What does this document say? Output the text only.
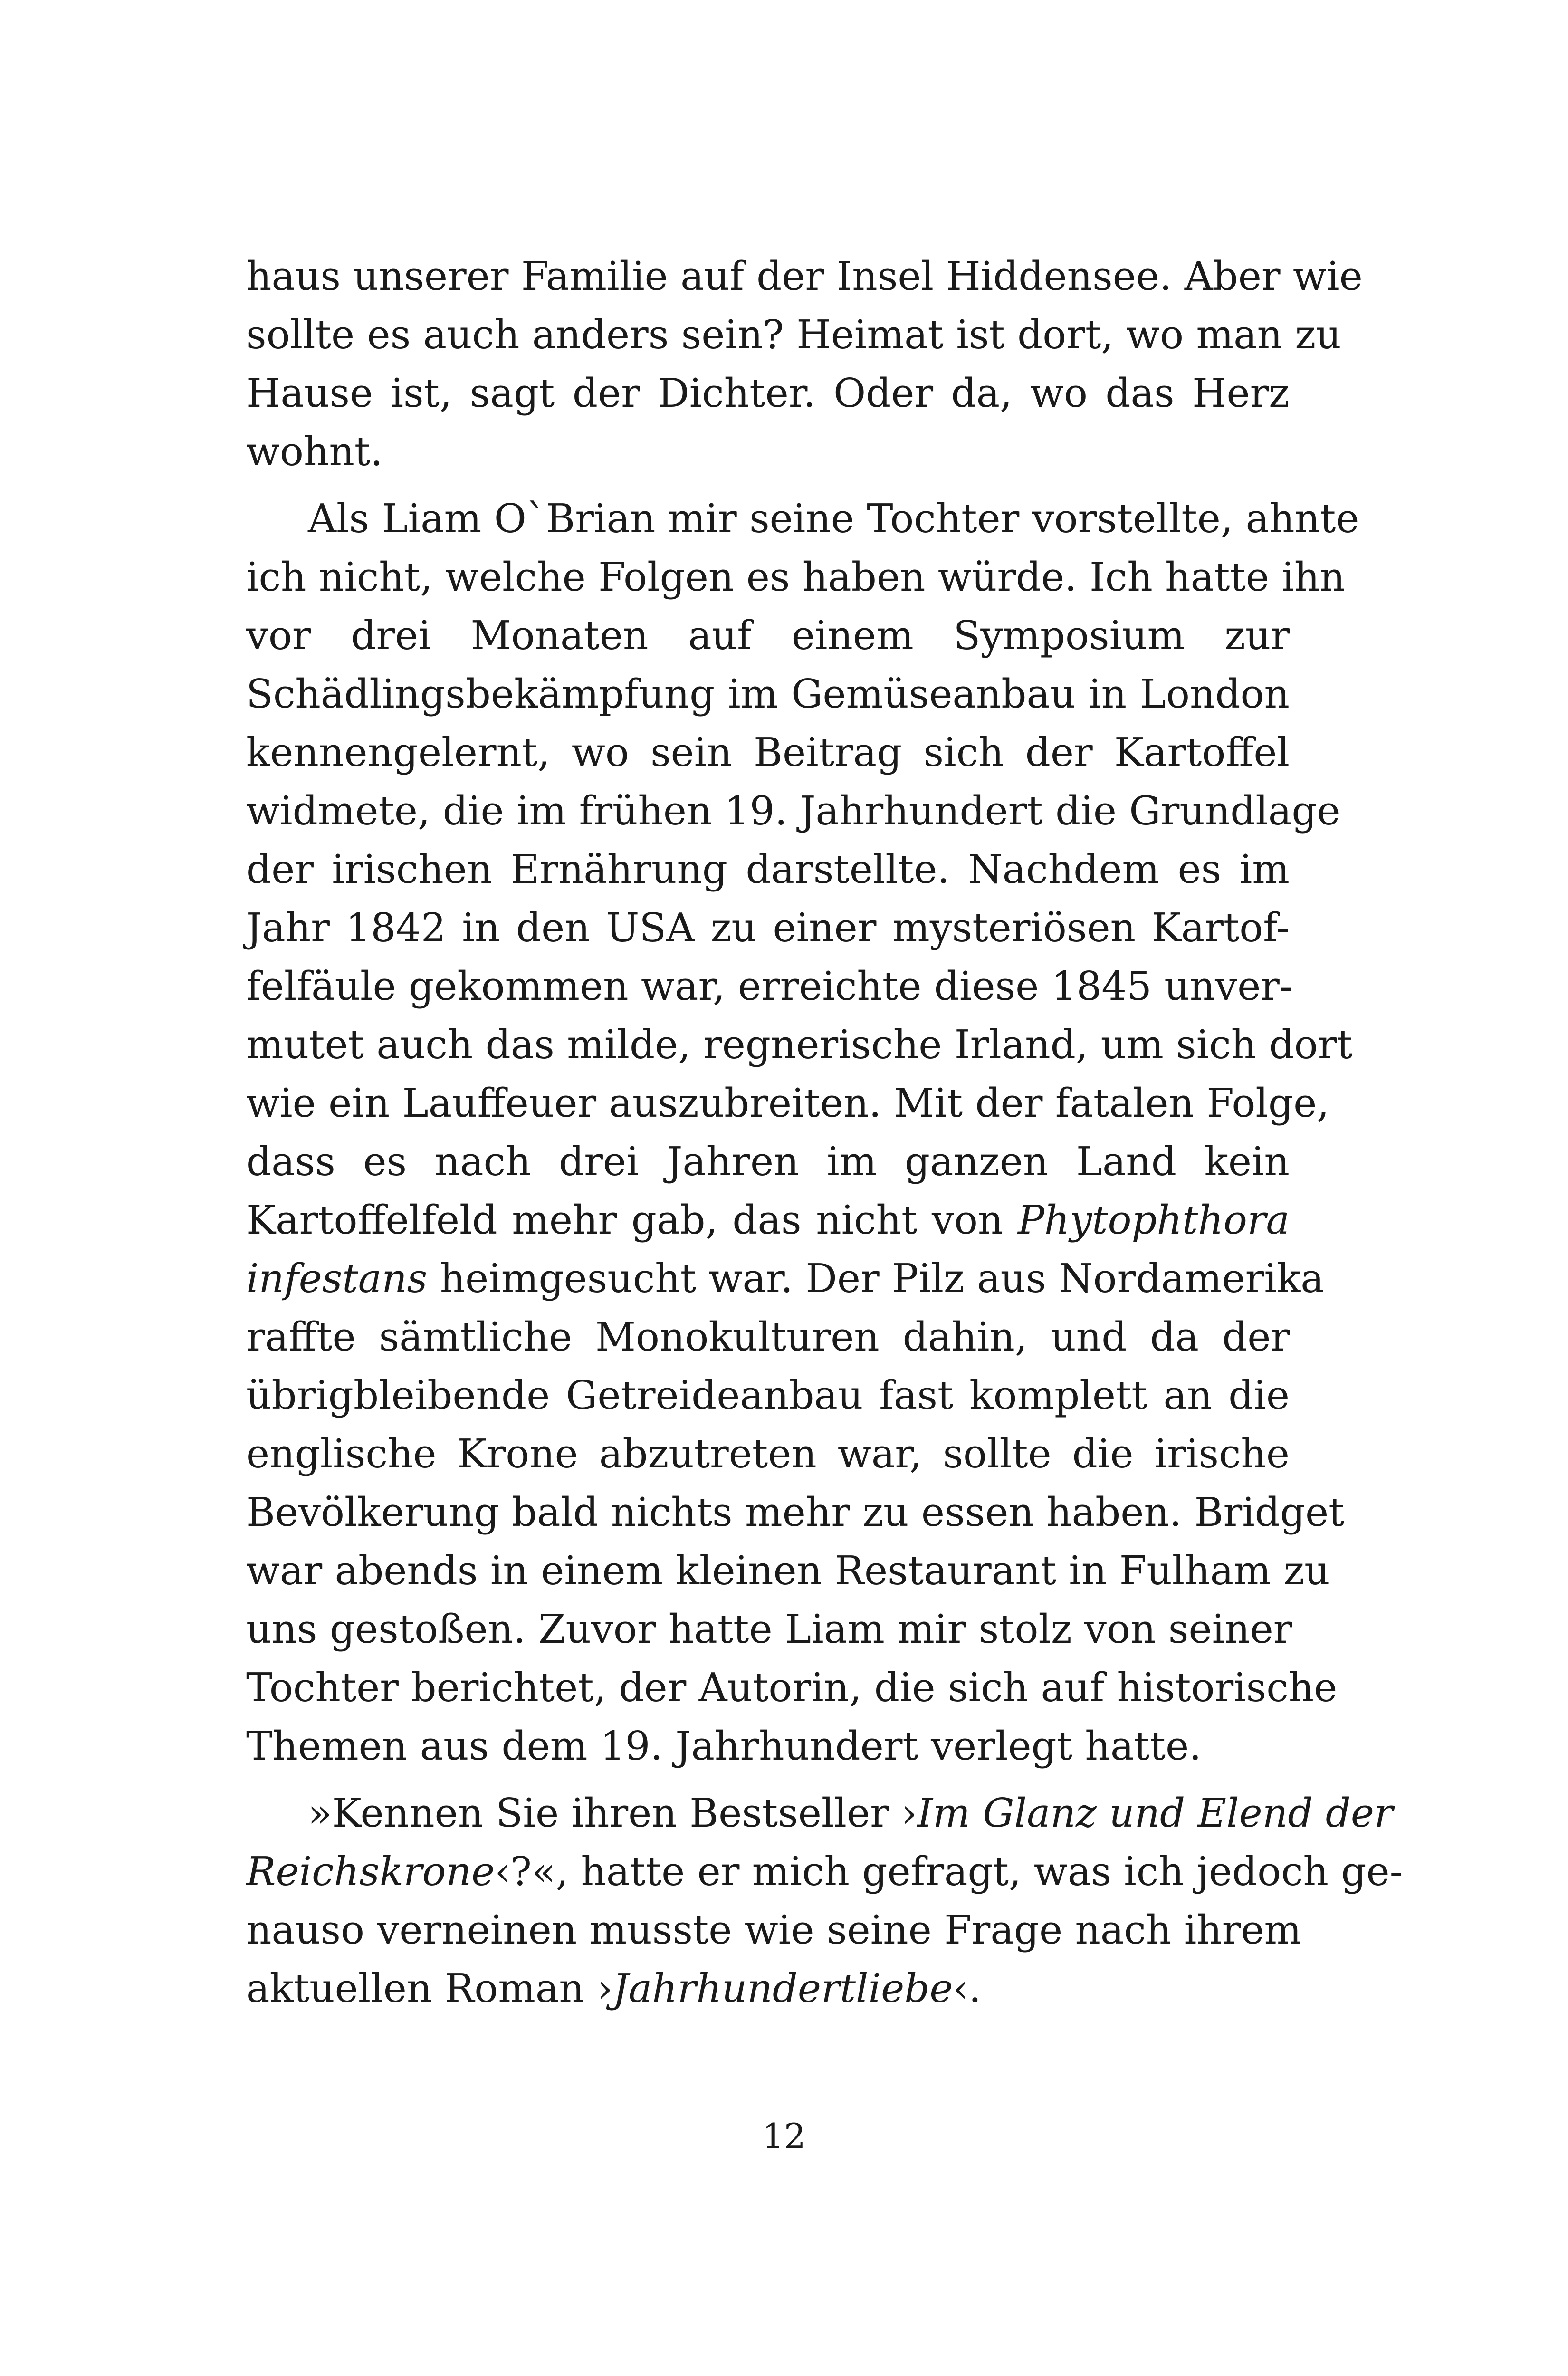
haus unserer Familie auf der Insel Hiddensee. Aber wie
sollte es auch anders sein? Heimat ist dort, wo man zu
Hause ist, sagt der Dichter. Oder da, wo das Herz
wohnt.
Als Liam O`Brian mir seine Tochter vorstellte, ahnte
ich nicht, welche Folgen es haben würde. Ich hatte ihn
vor drei Monaten auf einem Symposium zur
Schädlingsbekämpfung im Gemüseanbau in London
kennengelernt, wo sein Beitrag sich der Kartoffel
widmete, die im frühen 19. Jahrhundert die Grundlage
der irischen Ernährung darstellte. Nachdem es im
Jahr 1842 in den USA zu einer mysteriösen Kartof-
felfäule gekommen war, erreichte diese 1845 unver-
mutet auch das milde, regnerische Irland, um sich dort
wie ein Lauffeuer auszubreiten. Mit der fatalen Folge,
dass es nach drei Jahren im ganzen Land kein
Kartoffelfeld mehr gab, das nicht von Phytophthora
infestans heimgesucht war. Der Pilz aus Nordamerika
raffte sämtliche Monokulturen dahin, und da der
übrigbleibende Getreideanbau fast komplett an die
englische Krone abzutreten war, sollte die irische
Bevölkerung bald nichts mehr zu essen haben. Bridget
war abends in einem kleinen Restaurant in Fulham zu
uns gestoßen. Zuvor hatte Liam mir stolz von seiner
Tochter berichtet, der Autorin, die sich auf historische
Themen aus dem 19. Jahrhundert verlegt hatte.
»Kennen Sie ihren Bestseller ›Im Glanz und Elend der
Reichskrone‹?«, hatte er mich gefragt, was ich jedoch ge-
nauso verneinen musste wie seine Frage nach ihrem
aktuellen Roman ›Jahrhundertliebe‹.
12
